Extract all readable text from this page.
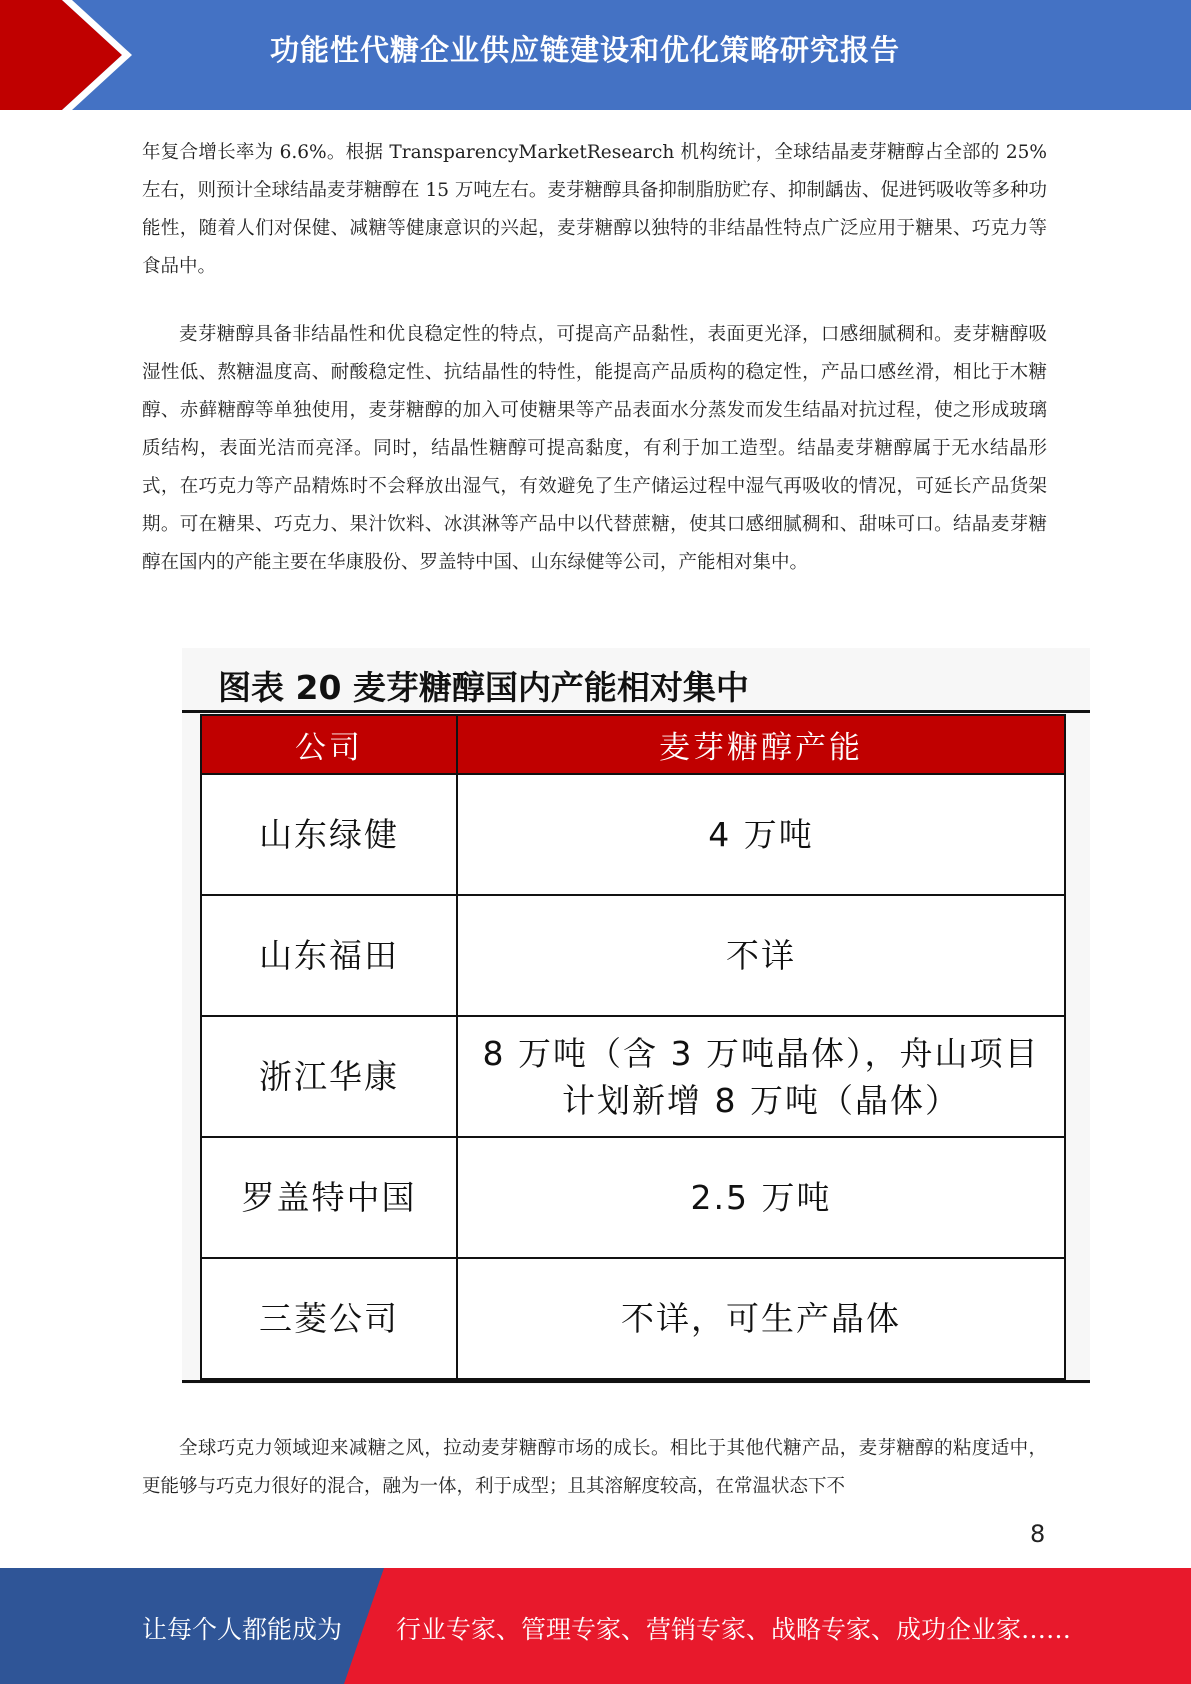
功能性代糖企业供应链建设和优化策略研究报告

年复合增长率为 6.6%。根据 TransparencyMarketResearch 机构统计，全球结晶麦芽糖醇占全部的 25%左右，则预计全球结晶麦芽糖醇在 15 万吨左右。麦芽糖醇具备抑制脂肪贮存、抑制龋齿、促进钙吸收等多种功能性，随着人们对保健、减糖等健康意识的兴起，麦芽糖醇以独特的非结晶性特点广泛应用于糖果、巧克力等食品中。

麦芽糖醇具备非结晶性和优良稳定性的特点，可提高产品黏性，表面更光泽，口感细腻稠和。麦芽糖醇吸湿性低、熬糖温度高、耐酸稳定性、抗结晶性的特性，能提高产品质构的稳定性，产品口感丝滑，相比于木糖醇、赤藓糖醇等单独使用，麦芽糖醇的加入可使糖果等产品表面水分蒸发而发生结晶对抗过程，使之形成玻璃质结构，表面光洁而亮泽。同时，结晶性糖醇可提高黏度，有利于加工造型。结晶麦芽糖醇属于无水结晶形式，在巧克力等产品精炼时不会释放出湿气，有效避免了生产储运过程中湿气再吸收的情况，可延长产品货架期。可在糖果、巧克力、果汁饮料、冰淇淋等产品中以代替蔗糖，使其口感细腻稠和、甜味可口。结晶麦芽糖醇在国内的产能主要在华康股份、罗盖特中国、山东绿健等公司，产能相对集中。

图表 20 麦芽糖醇国内产能相对集中
公司	麦芽糖醇产能
山东绿健	4 万吨
山东福田	不详
浙江华康	8 万吨（含 3 万吨晶体），舟山项目计划新增 8 万吨（晶体）
罗盖特中国	2.5 万吨
三菱公司	不详，可生产晶体

全球巧克力领域迎来减糖之风，拉动麦芽糖醇市场的成长。相比于其他代糖产品，麦芽糖醇的粘度适中，更能够与巧克力很好的混合，融为一体，利于成型；且其溶解度较高，在常温状态下不

8
让每个人都能成为 行业专家、管理专家、营销专家、战略专家、成功企业家……
